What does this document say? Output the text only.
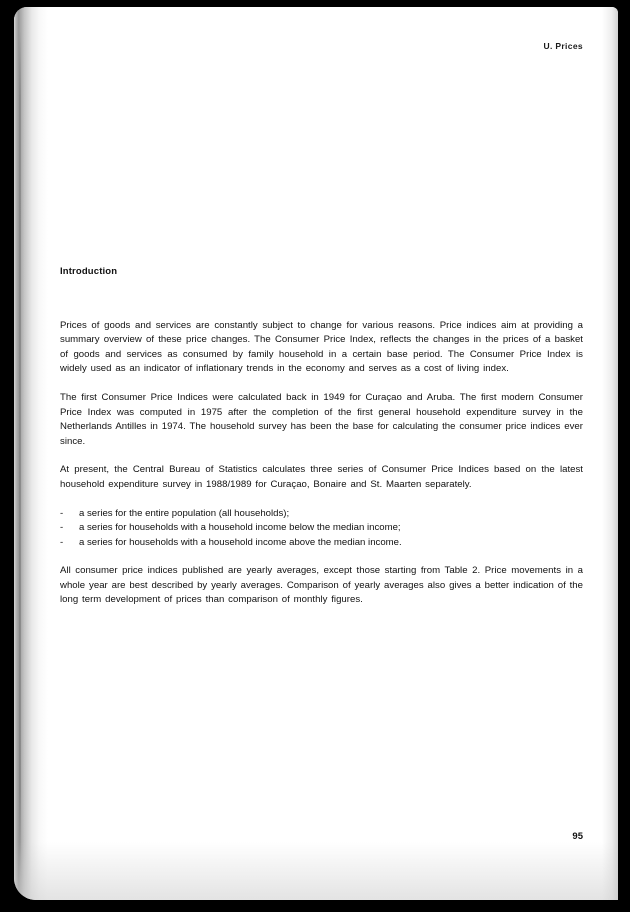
U. Prices
Introduction

Prices of goods and services are constantly subject to change for various reasons. Price indices aim at providing a summary overview of these price changes. The Consumer Price Index, reflects the changes in the prices of a basket of goods and services as consumed by family household in a certain base period. The Consumer Price Index is widely used as an indicator of inflationary trends in the economy and serves as a cost of living index.

The first Consumer Price Indices were calculated back in 1949 for Curaçao and Aruba. The first modern Consumer Price Index was computed in 1975 after the completion of the first general household expenditure survey in the Netherlands Antilles in 1974. The household survey has been the base for calculating the consumer price indices ever since.

At present, the Central Bureau of Statistics calculates three series of Consumer Price Indices based on the latest household expenditure survey in 1988/1989 for Curaçao, Bonaire and St. Maarten separately.

- a series for the entire population (all households);
- a series for households with a household income below the median income;
- a series for households with a household income above the median income.

All consumer price indices published are yearly averages, except those starting from Table 2. Price movements in a whole year are best described by yearly averages. Comparison of yearly averages also gives a better indication of the long term development of prices than comparison of monthly figures.

95
